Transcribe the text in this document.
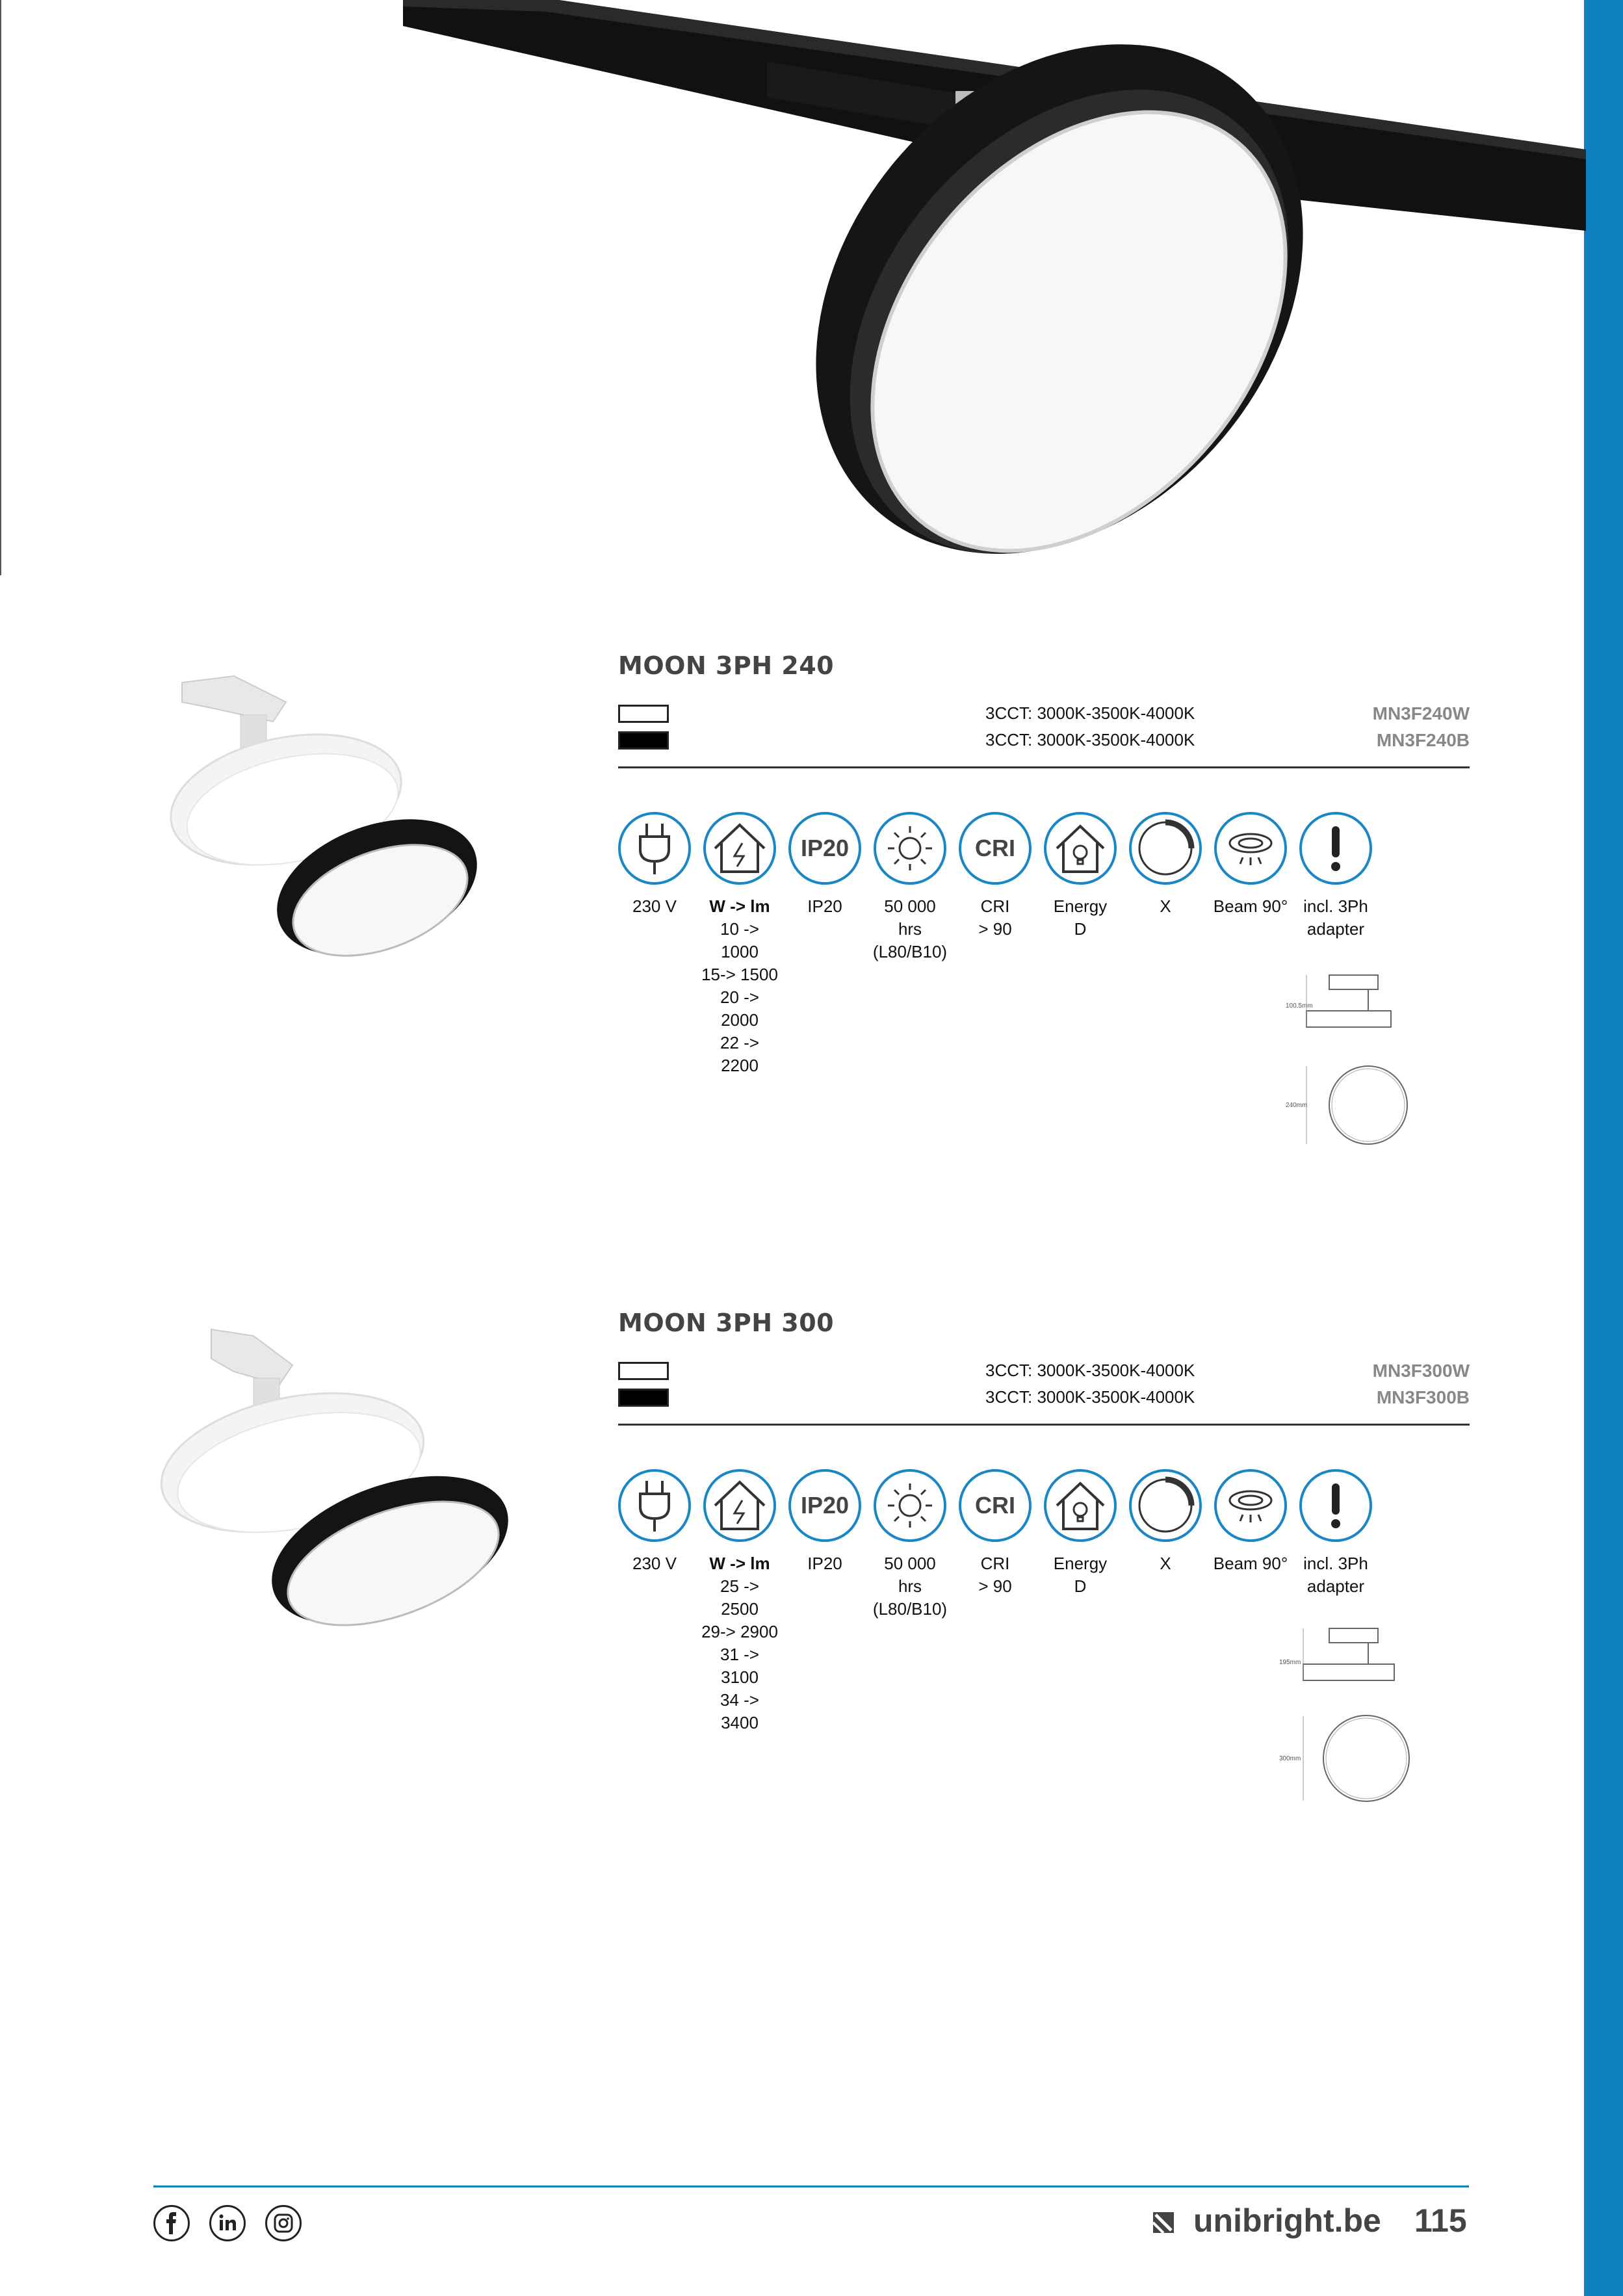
MOON 3PH 240
3CCT: 3000K-3500K-4000K	MN3F240W
3CCT: 3000K-3500K-4000K	MN3F240B
230 V	W -> lm
10 -> 1000
15-> 1500
20 -> 2000
22 -> 2200
IP20
IP20	50 000 hrs
(L80/B10)
CRI
CRI
> 90
Energy
D
X	Beam 90° incl. 3Ph
adapter
100.5mm
240mm
MOON 3PH 300
3CCT: 3000K-3500K-4000K	MN3F300W
3CCT: 3000K-3500K-4000K	MN3F300B
230 V	W -> lm
25 -> 2500
29-> 2900
31 -> 3100
34 -> 3400
IP20
IP20	50 000 hrs
(L80/B10)
CRI
CRI
> 90
Energy
D
X	Beam 90° incl. 3Ph
adapter
195mm
300mm
unibright.be 115
